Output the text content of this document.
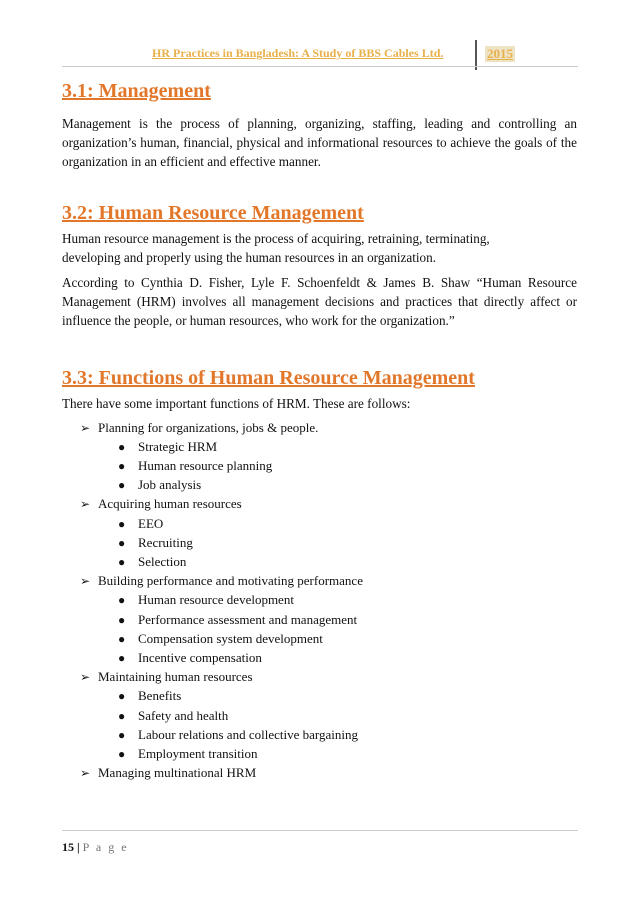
HR Practices in Bangladesh: A Study of BBS Cables Ltd.	2015
3.1: Management

Management is the process of planning, organizing, staffing, leading and controlling an organization’s human, financial, physical and informational resources to achieve the goals of the organization in an efficient and effective manner.

3.2: Human Resource Management

Human resource management is the process of acquiring, retraining, terminating, developing and properly using the human resources in an organization.

According to Cynthia D. Fisher, Lyle F. Schoenfeldt & James B. Shaw “Human Resource Management (HRM) involves all management decisions and practices that directly affect or influence the people, or human resources, who work for the organization.”

3.3: Functions of Human Resource Management

There have some important functions of HRM. These are follows:

➢ Planning for organizations, jobs & people.
● Strategic HRM
● Human resource planning
● Job analysis
➢ Acquiring human resources
● EEO
● Recruiting
● Selection
➢ Building performance and motivating performance
● Human resource development
● Performance assessment and management
● Compensation system development
● Incentive compensation
➢ Maintaining human resources
● Benefits
● Safety and health
● Labour relations and collective bargaining
● Employment transition
➢ Managing multinational HRM
15 | P a g e
